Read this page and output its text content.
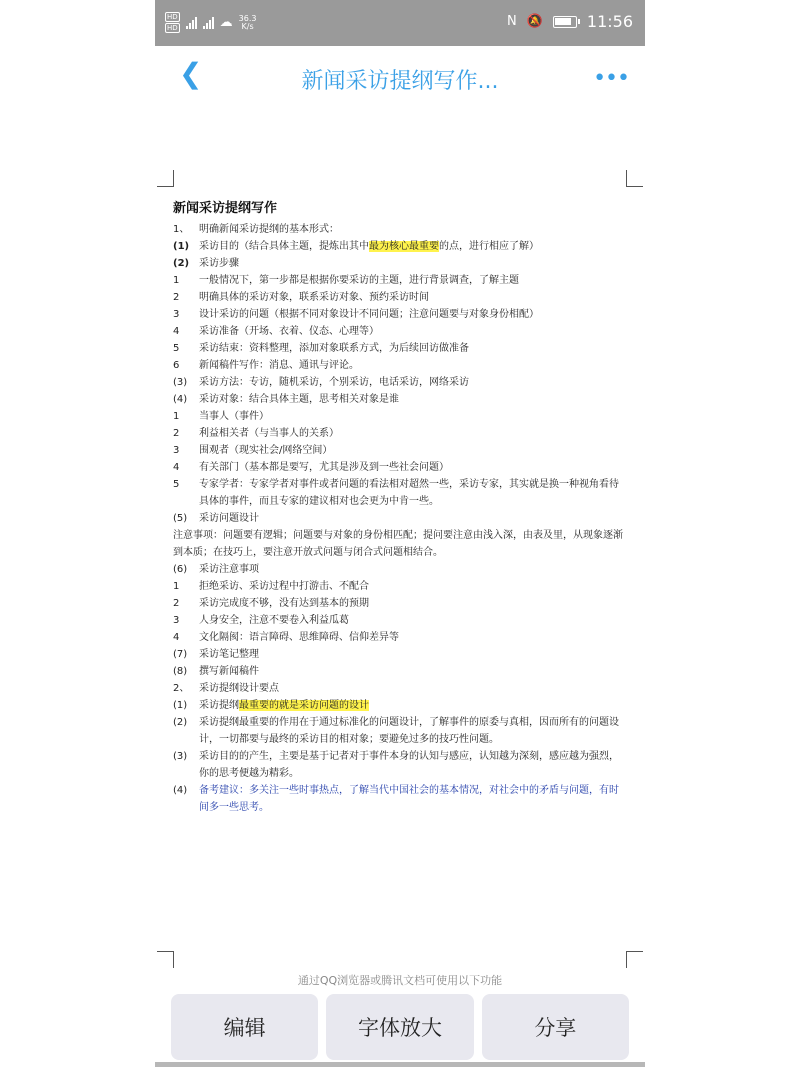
HD
HD	☁ 36.3
K/s	N 🔕	11:56
❮	新闻采访提纲写作...	•••
新闻采访提纲写作
1、 明确新闻采访提纲的基本形式：
(1) 采访目的（结合具体主题，提炼出其中最为核心最重要的点，进行相应了解）
(2) 采访步骤
1	一般情况下，第一步都是根据你要采访的主题，进行背景调查，了解主题
2	明确具体的采访对象，联系采访对象、预约采访时间
3	设计采访的问题（根据不同对象设计不同问题；注意问题要与对象身份相配）
4	采访准备（开场、衣着、仪态、心理等）
5	采访结束：资料整理，添加对象联系方式，为后续回访做准备
6	新闻稿件写作：消息、通讯与评论。
(3)	采访方法：专访，随机采访，个别采访，电话采访，网络采访
(4)	采访对象：结合具体主题，思考相关对象是谁
1	当事人（事件）
2	利益相关者（与当事人的关系）
3	围观者（现实社会/网络空间）
4	有关部门（基本都是要写，尤其是涉及到一些社会问题）
5	专家学者：专家学者对事件或者问题的看法相对超然一些，采访专家，其实就是换一种视角看待具体的事件，而且专家的建议相对也会更为中肯一些。
(5)	采访问题设计
注意事项：问题要有逻辑；问题要与对象的身份相匹配；提问要注意由浅入深，由表及里，从现象逐渐到本质；在技巧上，要注意开放式问题与闭合式问题相结合。
(6)	采访注意事项
1	拒绝采访、采访过程中打游击、不配合
2	采访完成度不够，没有达到基本的预期
3	人身安全，注意不要卷入利益瓜葛
4	文化隔阂：语言障碍、思维障碍、信仰差异等
(7)	采访笔记整理
(8)	撰写新闻稿件
2、 采访提纲设计要点
(1)	采访提纲最重要的就是采访问题的设计
(2)	采访提纲最重要的作用在于通过标准化的问题设计，了解事件的原委与真相，因而所有的问题设计，一切都要与最终的采访目的相对象；要避免过多的技巧性问题。
(3)	采访目的的产生，主要是基于记者对于事件本身的认知与感应，认知越为深刻，感应越为强烈，你的思考便越为精彩。
(4)	备考建议：多关注一些时事热点，了解当代中国社会的基本情况，对社会中的矛盾与问题，有时间多一些思考。
通过QQ浏览器或腾讯文档可使用以下功能
编辑	字体放大	分享
